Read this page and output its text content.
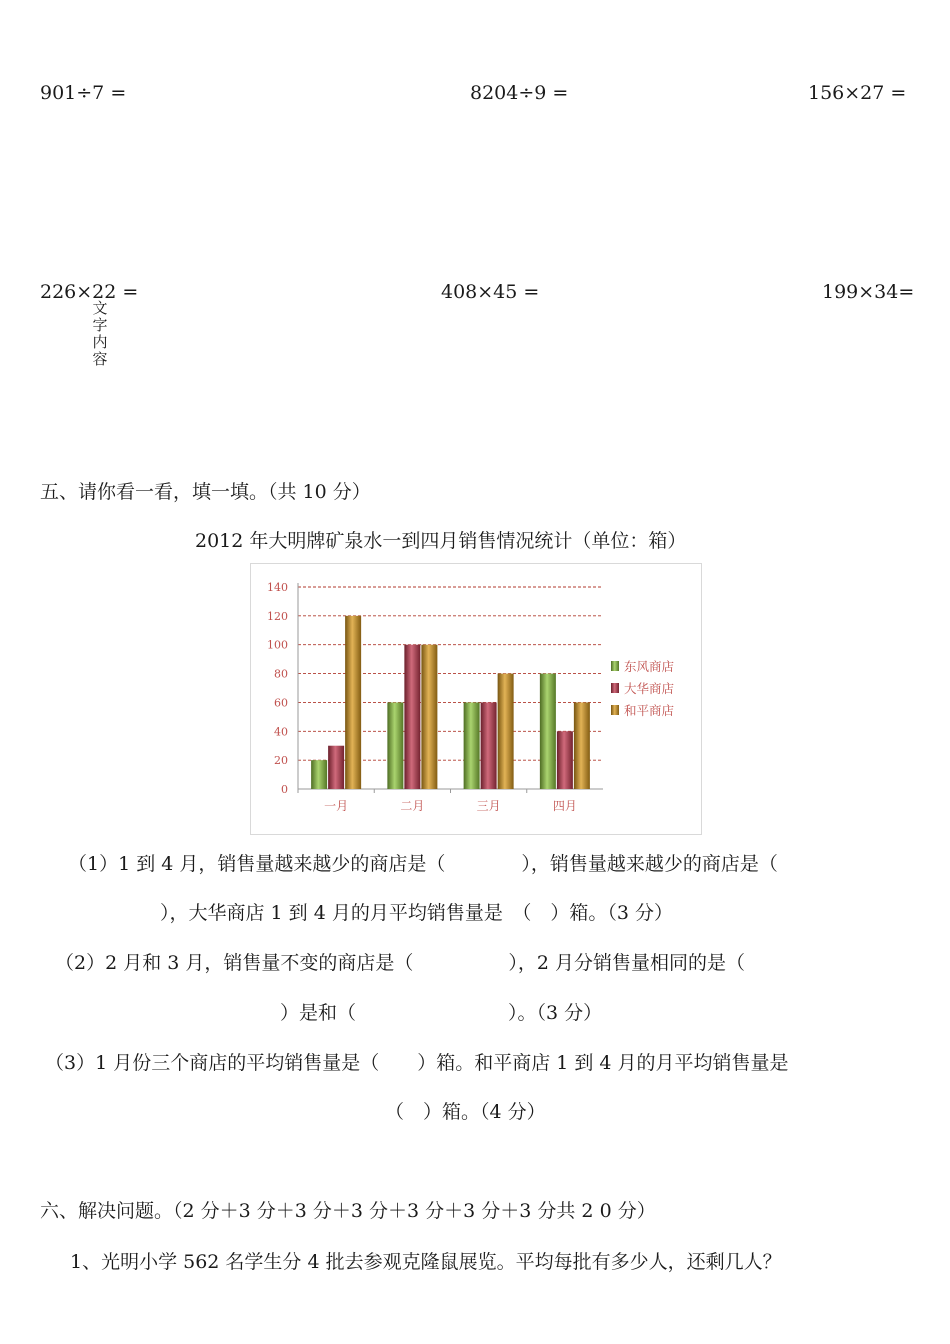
901÷7 =	8204÷9 =	156×27 =
226×22 =	408×45 =	199×34=
文
字
内
容
五、请你看一看，填一填。（共 10 分）
2012 年大明牌矿泉水一到四月销售情况统计（单位：箱）
0
20
40
60
80
100
120
140
一月	二月	三月	四月
东风商店
大华商店
和平商店
（1）1 到 4 月，销售量越来越少的商店是（　　　　），销售量越来越少的商店是（
），大华商店 1 到 4 月的月平均销售量是　（　）箱。（3 分）
（2）2 月和 3 月，销售量不变的商店是（　　　　　），2 月分销售量相同的是（
）是和（　　　　　　　　）。（3 分）
（3）1 月份三个商店的平均销售量是（　　）箱。和平商店 1 到 4 月的月平均销售量是
（　）箱。（4 分）
六、解决问题。（2 分＋3 分＋3 分＋3 分＋3 分＋3 分＋3 分共 2 0 分）
1、光明小学 562 名学生分 4 批去参观克隆鼠展览。平均每批有多少人，还剩几人？
